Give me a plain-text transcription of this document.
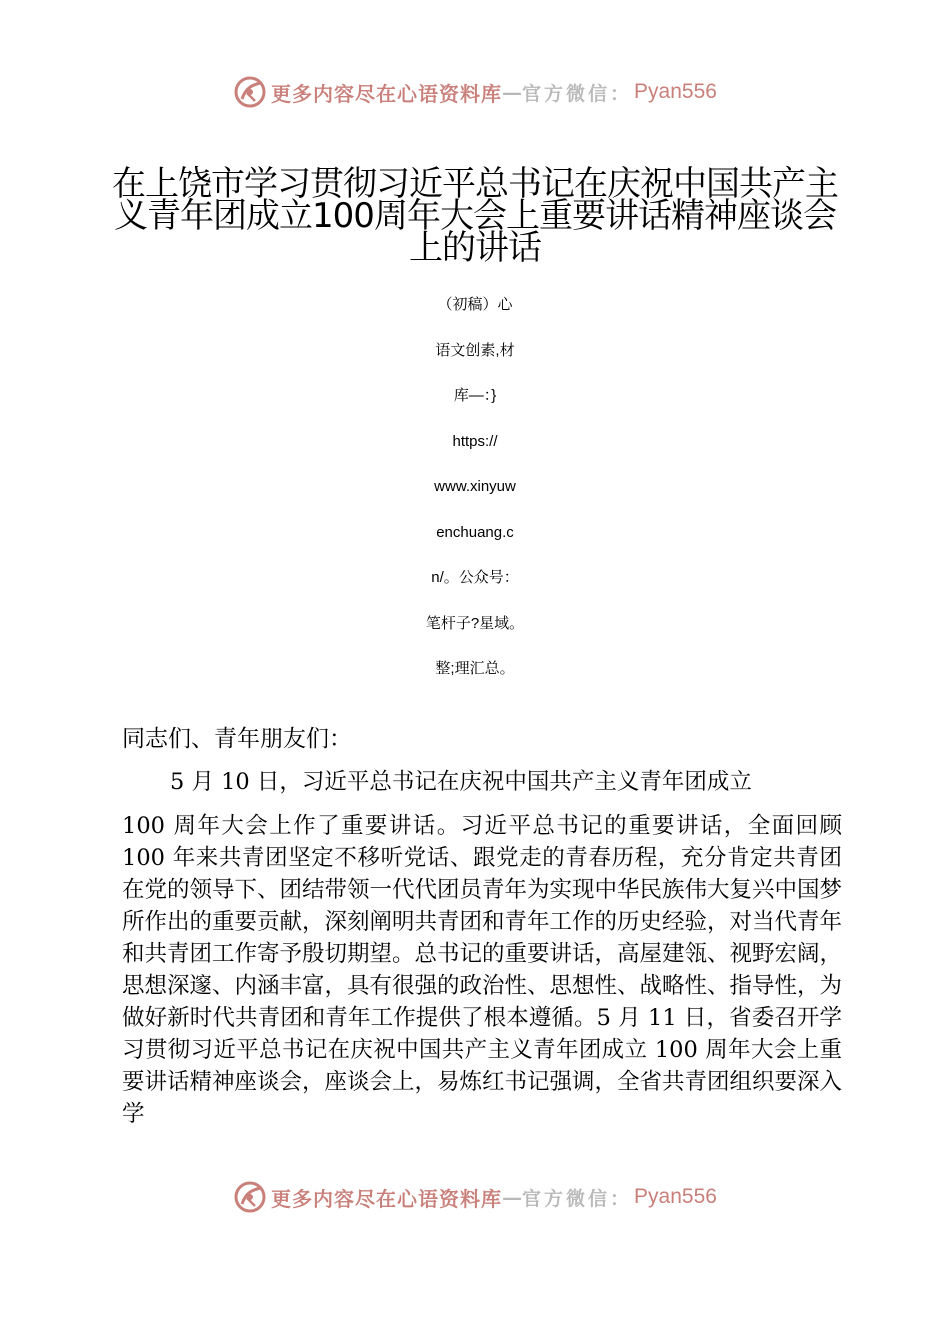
更多内容尽在心语资料库 — 官方微信： Pyan556
在上饶市学习贯彻习近平总书记在庆祝中国共产主义青年团成立100周年大会上重要讲话精神座谈会上的讲话
（初稿）心
语文创素,材
库—：}
https://
www.xinyuw
enchuang.c
n/。公众号：
笔杆子?星域。
整;理汇总。
同志们、青年朋友们：
5 月 10 日，习近平总书记在庆祝中国共产主义青年团成立
100 周年大会上作了重要讲话。习近平总书记的重要讲话，全面回顾 100 年来共青团坚定不移听党话、跟党走的青春历程，充分肯定共青团在党的领导下、团结带领一代代团员青年为实现中华民族伟大复兴中国梦所作出的重要贡献，深刻阐明共青团和青年工作的历史经验，对当代青年和共青团工作寄予殷切期望。总书记的重要讲话，高屋建瓴、视野宏阔，思想深邃、内涵丰富，具有很强的政治性、思想性、战略性、指导性，为做好新时代共青团和青年工作提供了根本遵循。5 月 11 日，省委召开学习贯彻习近平总书记在庆祝中国共产主义青年团成立 100 周年大会上重要讲话精神座谈会，座谈会上，易炼红书记强调，全省共青团组织要深入学
更多内容尽在心语资料库 — 官方微信： Pyan556
